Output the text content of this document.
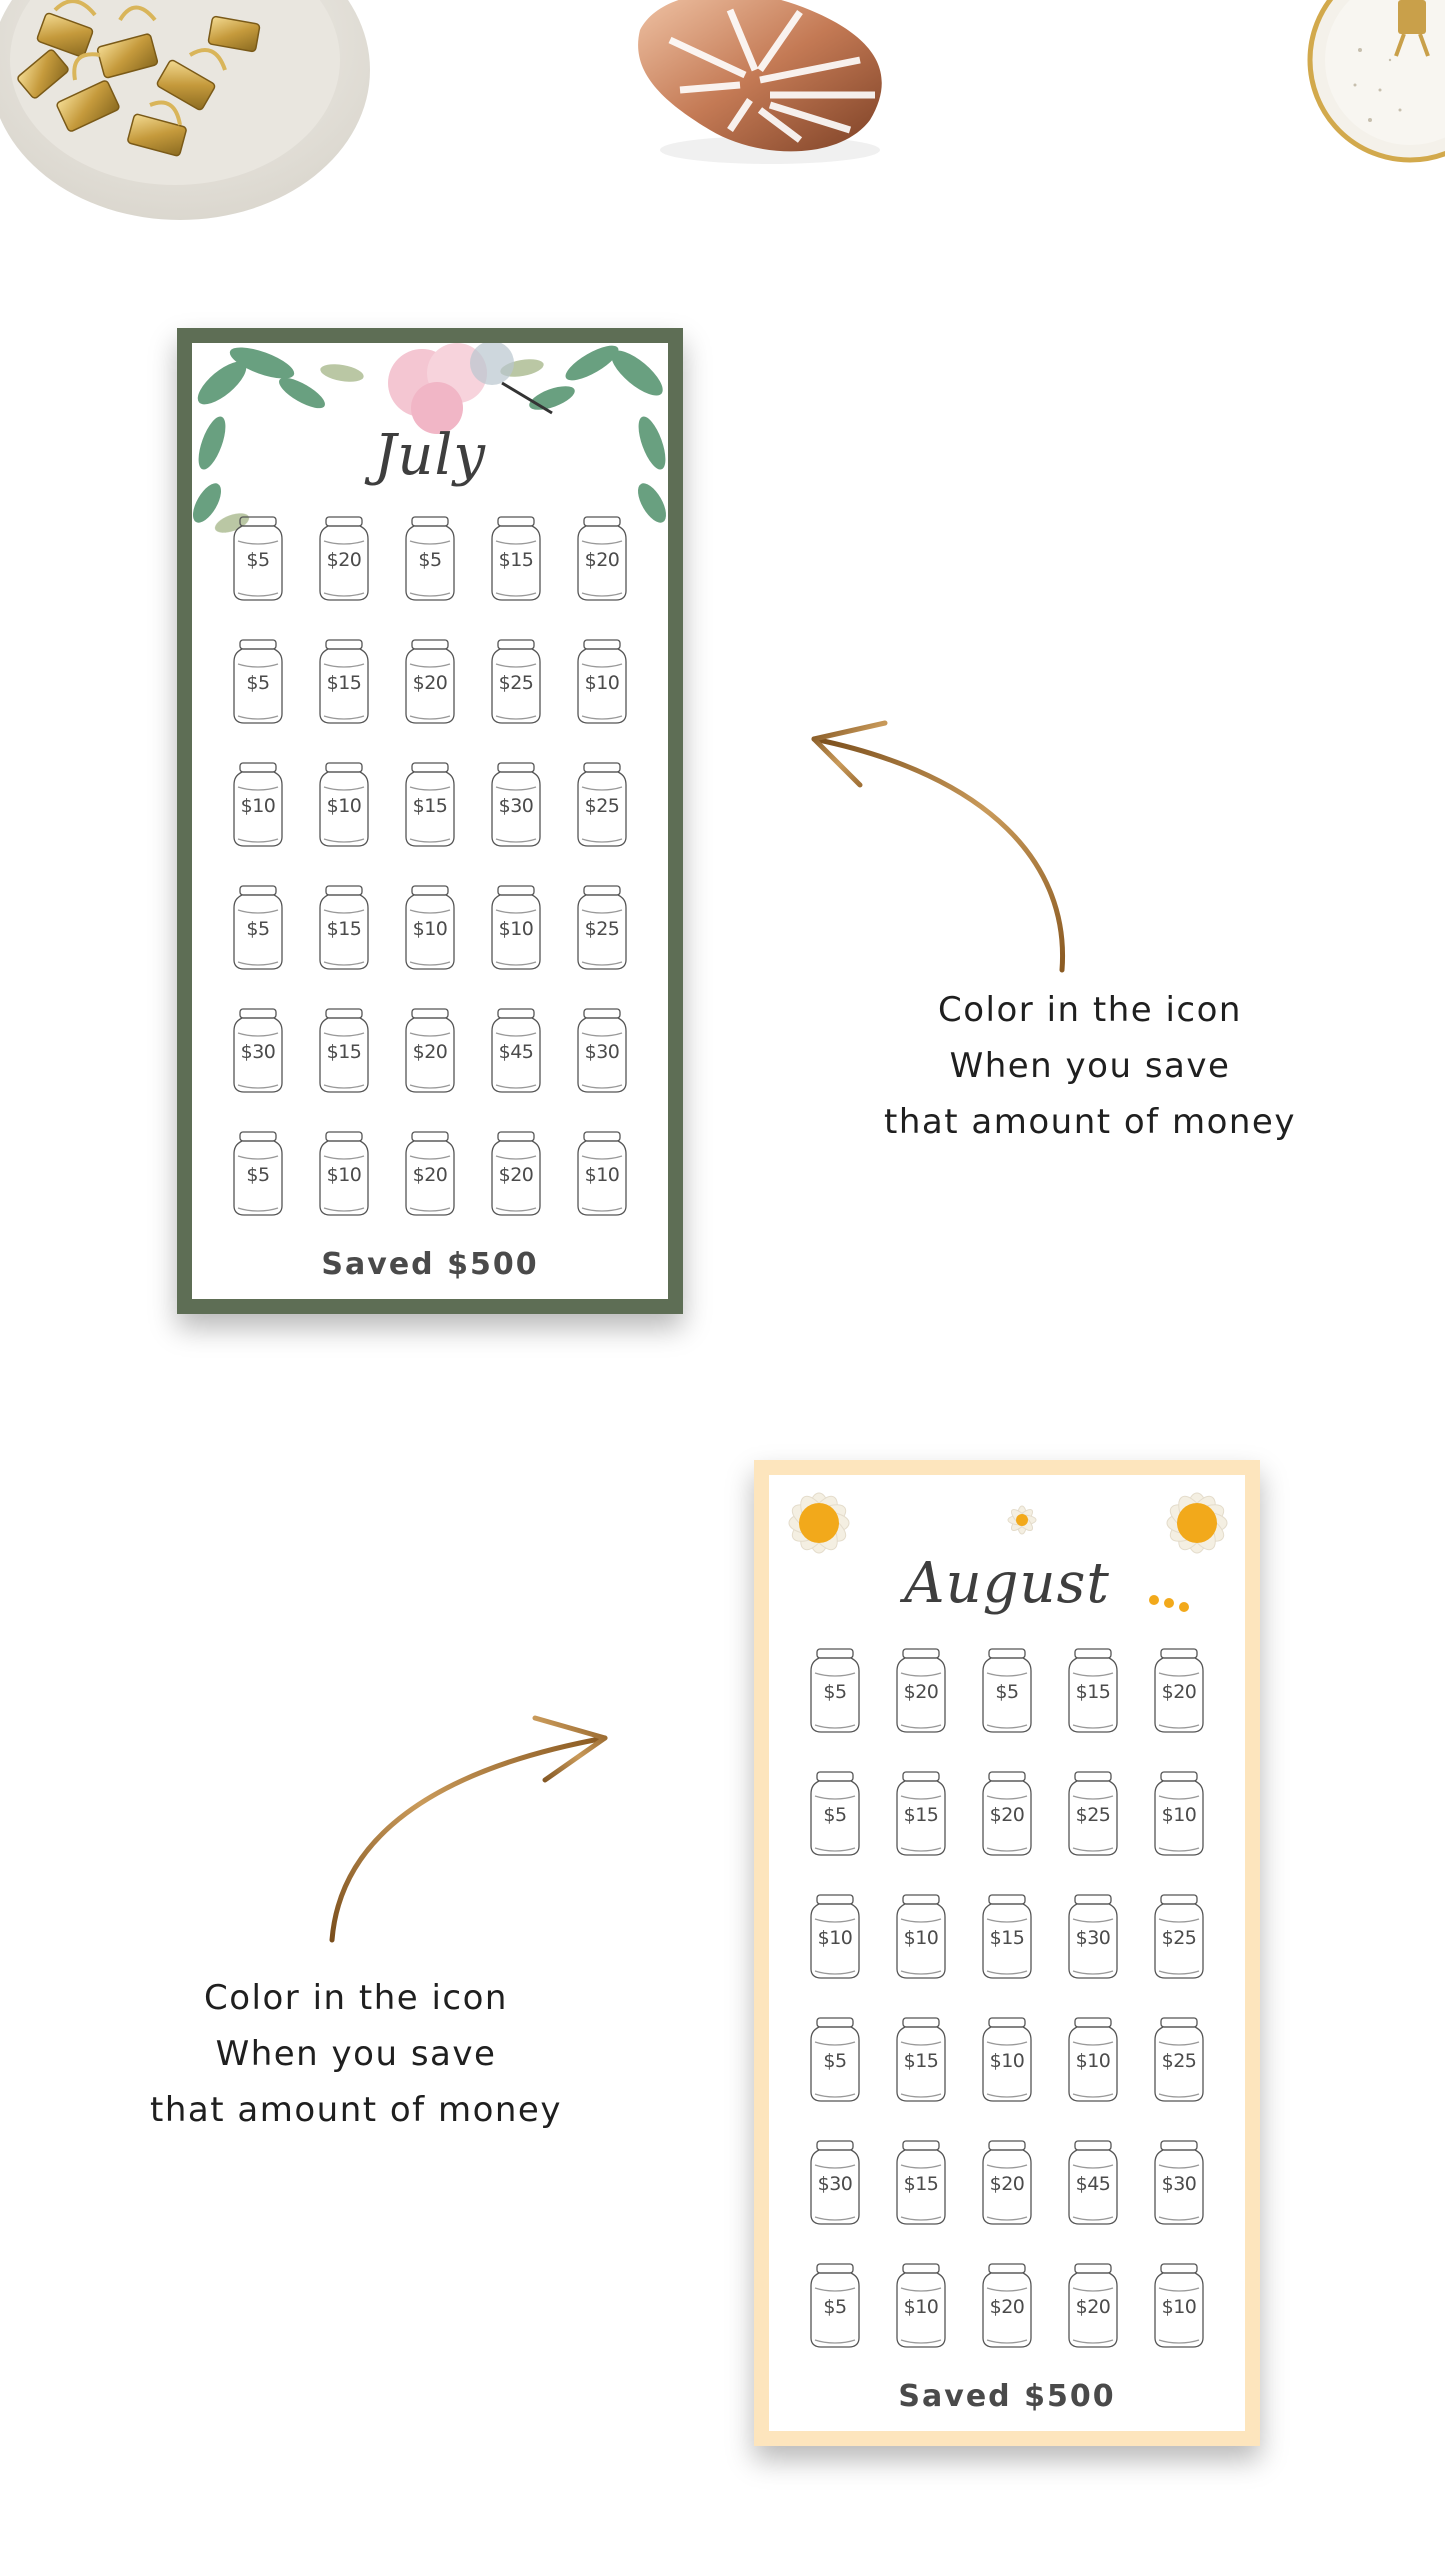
July
$5	$20	$5	$15	$20
$5	$15	$20	$25	$10
$10	$10	$15	$30	$25
$5	$15	$10	$10	$25
$30	$15	$20	$45	$30
$5	$10	$20	$20	$10
Saved $500
August
$5	$20	$5	$15	$20
$5	$15	$20	$25	$10
$10	$10	$15	$30	$25
$5	$15	$10	$10	$25
$30	$15	$20	$45	$30
$5	$10	$20	$20	$10
Saved $500
Color in the icon
When you save
that amount of money
Color in the icon
When you save
that amount of money
